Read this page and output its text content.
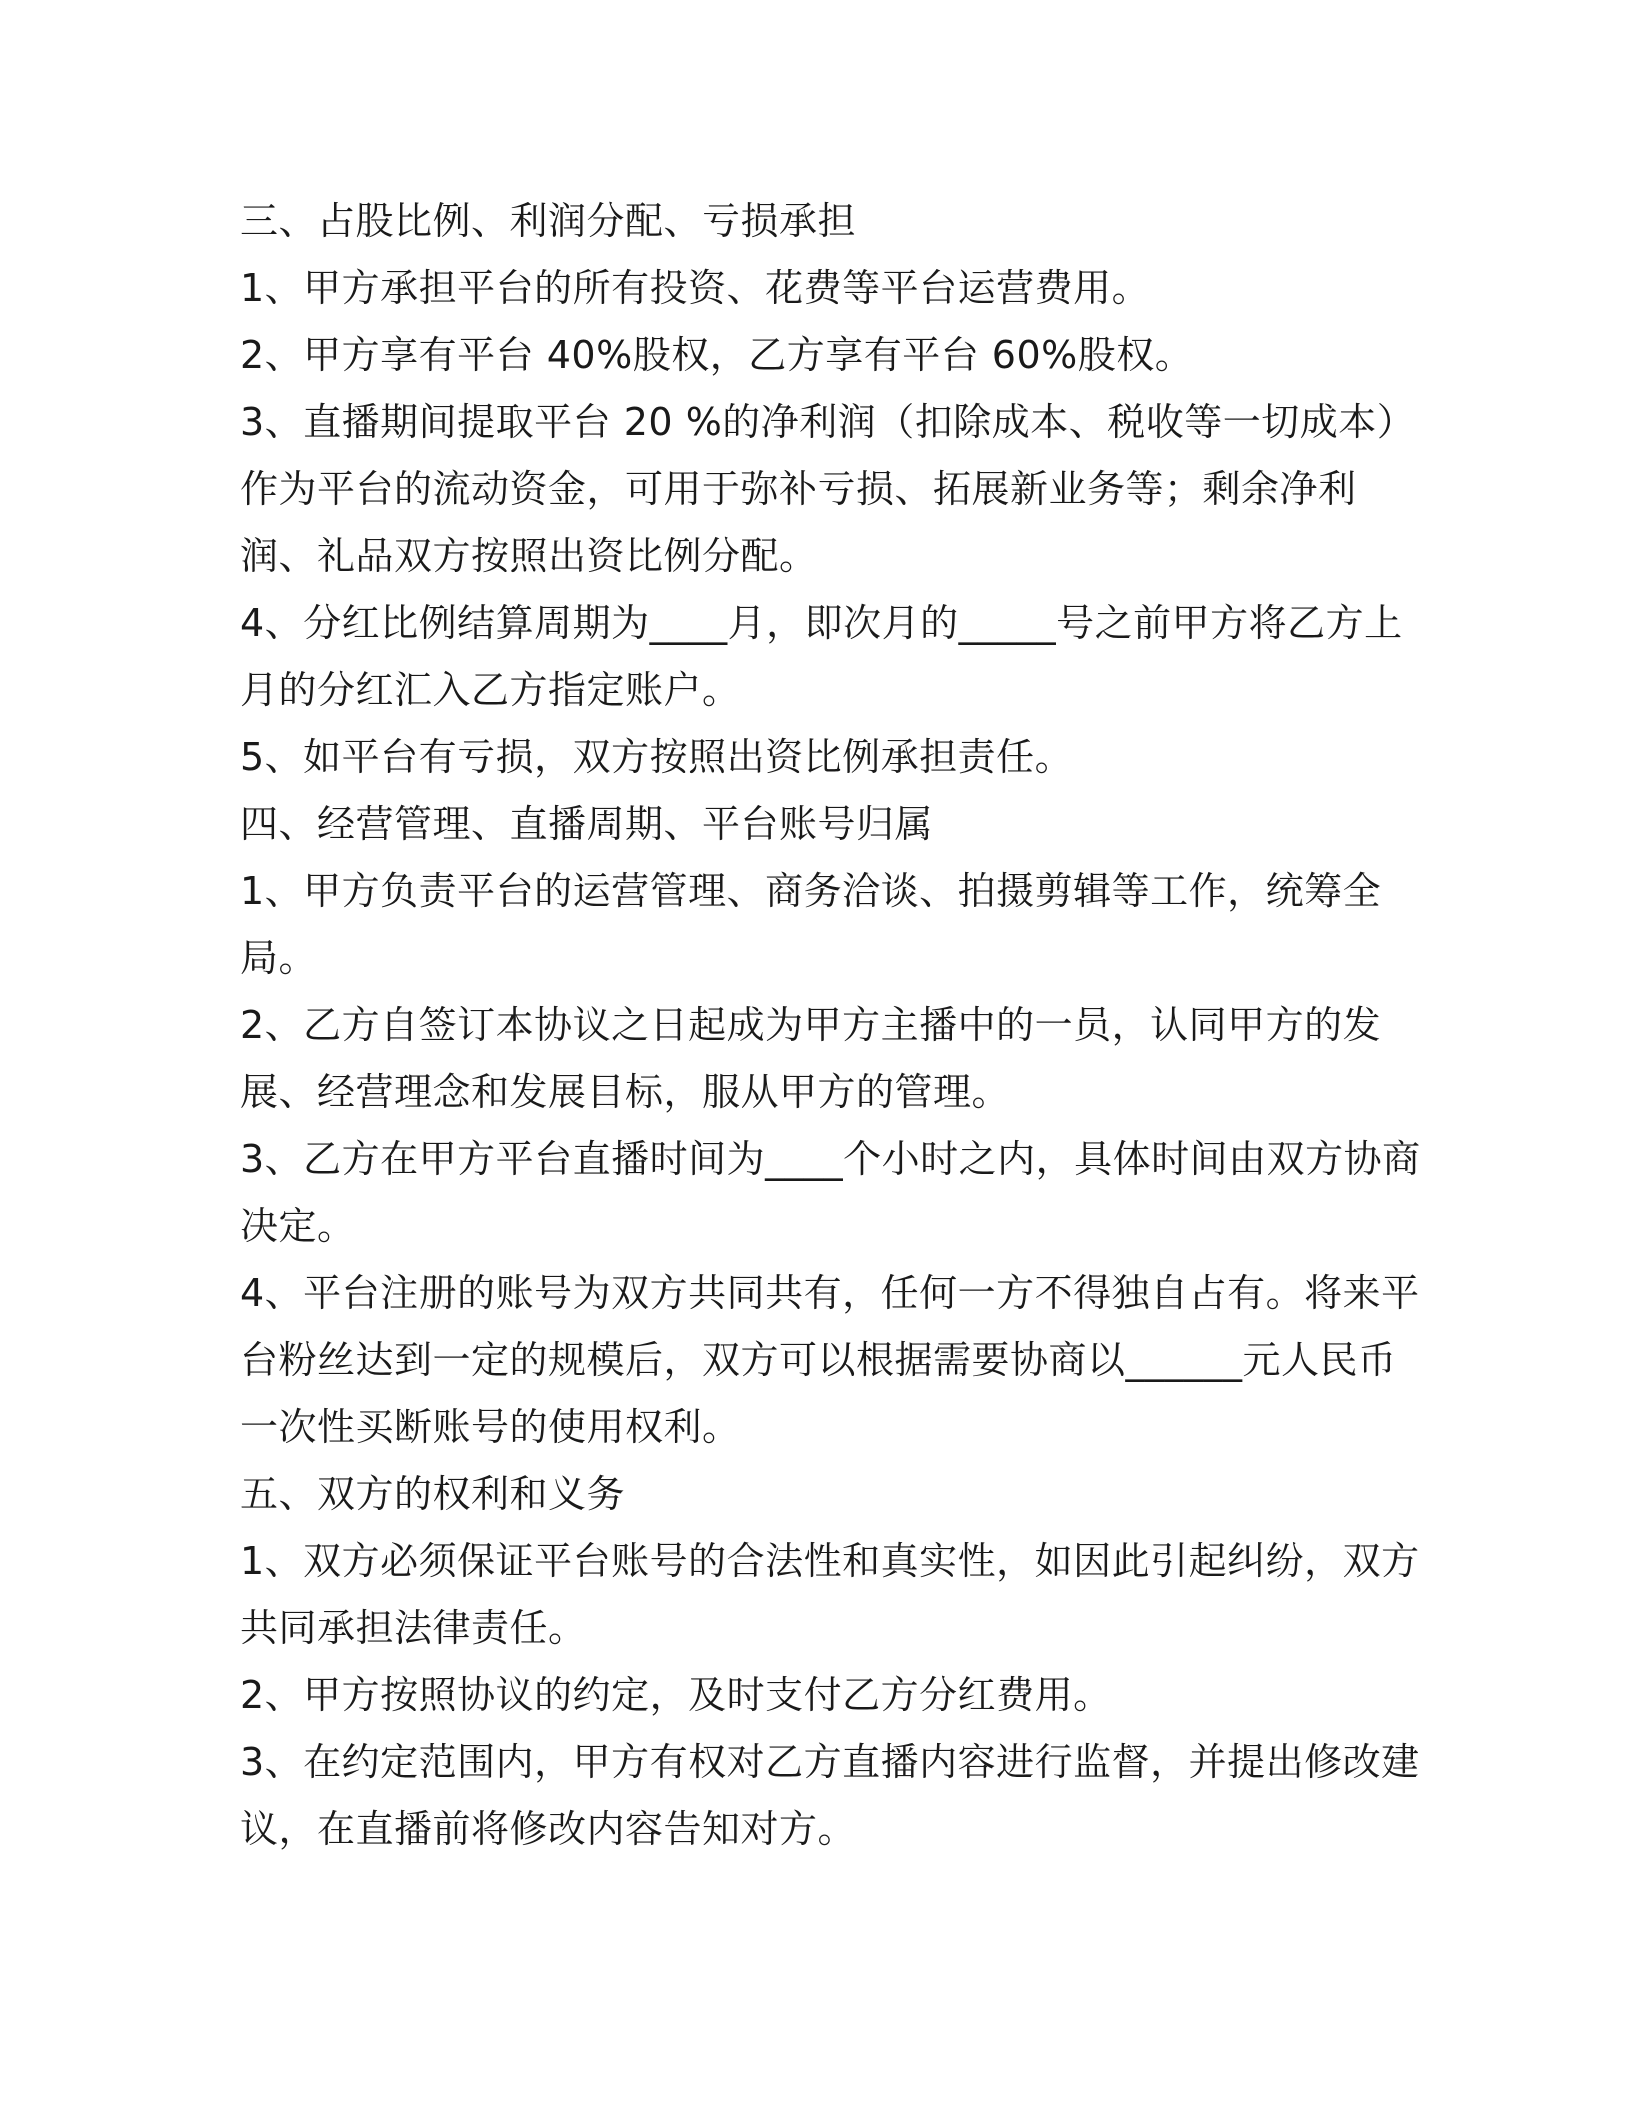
三、占股比例、利润分配、亏损承担
1、甲方承担平台的所有投资、花费等平台运营费用。
2、甲方享有平台 40%股权，乙方享有平台 60%股权。
3、直播期间提取平台 20 %的净利润（扣除成本、税收等一切成本）
作为平台的流动资金，可用于弥补亏损、拓展新业务等；剩余净利
润、礼品双方按照出资比例分配。
4、分红比例结算周期为____月，即次月的_____号之前甲方将乙方上
月的分红汇入乙方指定账户。
5、如平台有亏损，双方按照出资比例承担责任。
四、经营管理、直播周期、平台账号归属
1、甲方负责平台的运营管理、商务洽谈、拍摄剪辑等工作，统筹全
局。
2、乙方自签订本协议之日起成为甲方主播中的一员，认同甲方的发
展、经营理念和发展目标，服从甲方的管理。
3、乙方在甲方平台直播时间为____个小时之内，具体时间由双方协商
决定。
4、平台注册的账号为双方共同共有，任何一方不得独自占有。将来平
台粉丝达到一定的规模后，双方可以根据需要协商以______元人民币
一次性买断账号的使用权利。
五、双方的权利和义务
1、双方必须保证平台账号的合法性和真实性，如因此引起纠纷，双方
共同承担法律责任。
2、甲方按照协议的约定，及时支付乙方分红费用。
3、在约定范围内，甲方有权对乙方直播内容进行监督，并提出修改建
议，在直播前将修改内容告知对方。
